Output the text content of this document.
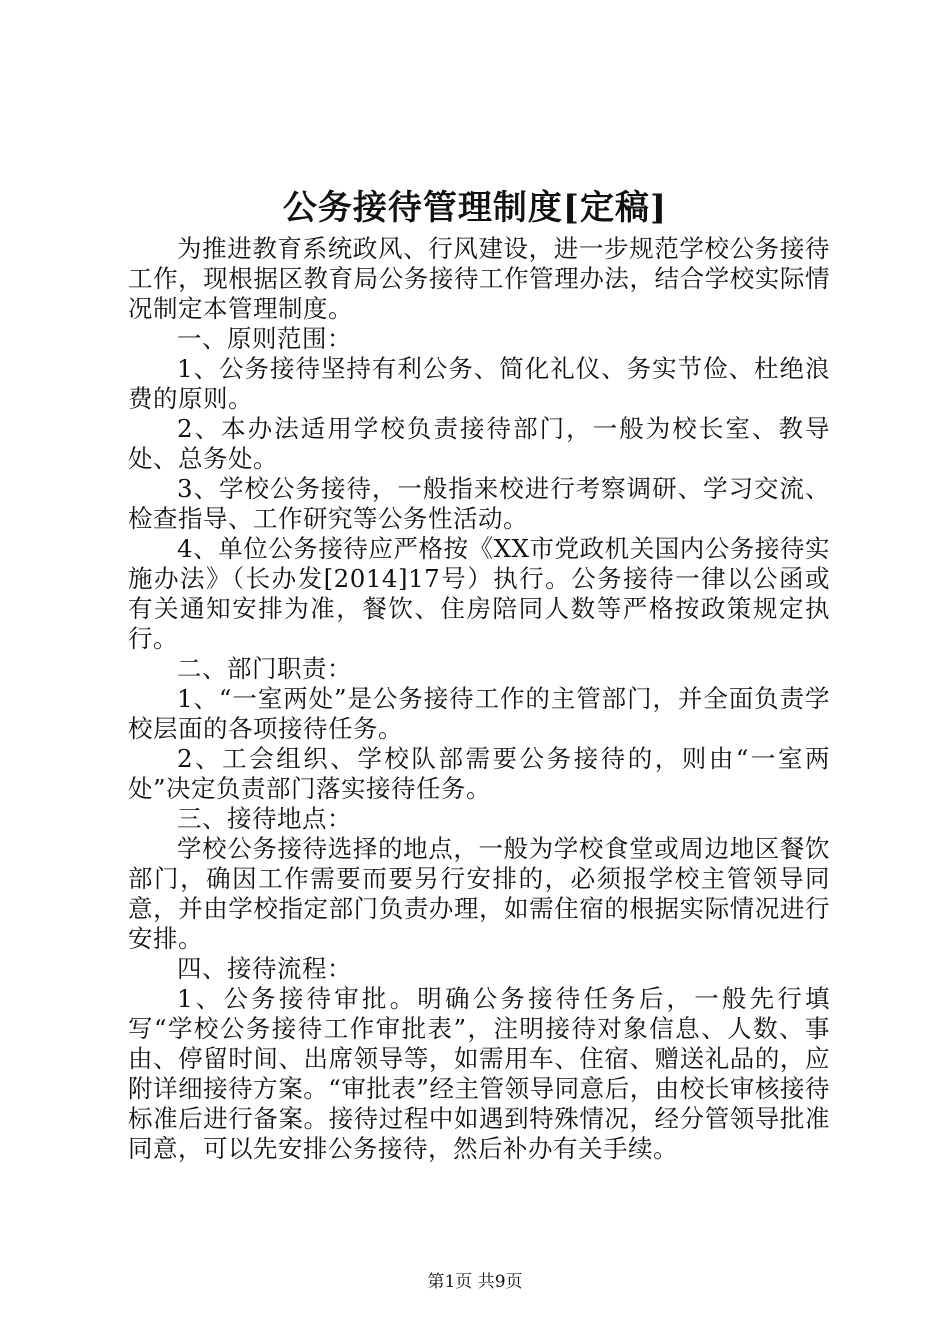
公务接待管理制度[定稿]

为推进教育系统政风、行风建设，进一步规范学校公务接待工作，现根据区教育局公务接待工作管理办法，结合学校实际情况制定本管理制度。

一、原则范围：

1、公务接待坚持有利公务、简化礼仪、务实节俭、杜绝浪费的原则。

2、本办法适用学校负责接待部门，一般为校长室、教导处、总务处。

3、学校公务接待，一般指来校进行考察调研、学习交流、检查指导、工作研究等公务性活动。

4、单位公务接待应严格按《XX市党政机关国内公务接待实施办法》（长办发[2014]17号）执行。公务接待一律以公函或有关通知安排为准，餐饮、住房陪同人数等严格按政策规定执行。

二、部门职责：

1、“一室两处”是公务接待工作的主管部门，并全面负责学校层面的各项接待任务。

2、工会组织、学校队部需要公务接待的，则由“一室两处”决定负责部门落实接待任务。

三、接待地点：

学校公务接待选择的地点，一般为学校食堂或周边地区餐饮部门，确因工作需要而要另行安排的，必须报学校主管领导同意，并由学校指定部门负责办理，如需住宿的根据实际情况进行安排。

四、接待流程：

1、公务接待审批。明确公务接待任务后，一般先行填写“学校公务接待工作审批表”，注明接待对象信息、人数、事由、停留时间、出席领导等，如需用车、住宿、赠送礼品的，应附详细接待方案。“审批表”经主管领导同意后，由校长审核接待标准后进行备案。接待过程中如遇到特殊情况，经分管领导批准同意，可以先安排公务接待，然后补办有关手续。

第1页 共9页
